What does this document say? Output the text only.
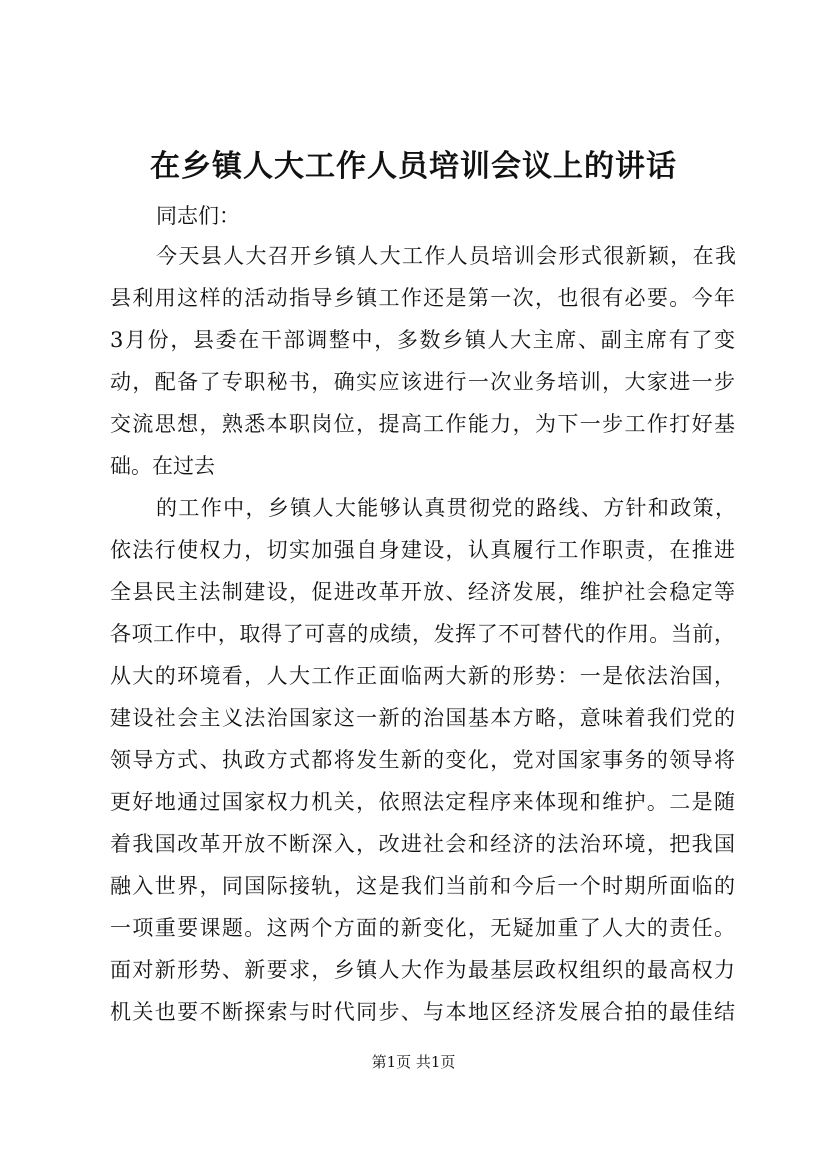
在乡镇人大工作人员培训会议上的讲话
同志们：
今天县人大召开乡镇人大工作人员培训会形式很新颖，在我
县利用这样的活动指导乡镇工作还是第一次，也很有必要。今年
3月份，县委在干部调整中，多数乡镇人大主席、副主席有了变
动，配备了专职秘书，确实应该进行一次业务培训，大家进一步
交流思想，熟悉本职岗位，提高工作能力，为下一步工作打好基
础。在过去
的工作中，乡镇人大能够认真贯彻党的路线、方针和政策，
依法行使权力，切实加强自身建设，认真履行工作职责，在推进
全县民主法制建设，促进改革开放、经济发展，维护社会稳定等
各项工作中，取得了可喜的成绩，发挥了不可替代的作用。当前，
从大的环境看，人大工作正面临两大新的形势：一是依法治国，
建设社会主义法治国家这一新的治国基本方略，意味着我们党的
领导方式、执政方式都将发生新的变化，党对国家事务的领导将
更好地通过国家权力机关，依照法定程序来体现和维护。二是随
着我国改革开放不断深入，改进社会和经济的法治环境，把我国
融入世界，同国际接轨，这是我们当前和今后一个时期所面临的
一项重要课题。这两个方面的新变化，无疑加重了人大的责任。
面对新形势、新要求，乡镇人大作为最基层政权组织的最高权力
机关也要不断探索与时代同步、与本地区经济发展合拍的最佳结
第1页 共1页
